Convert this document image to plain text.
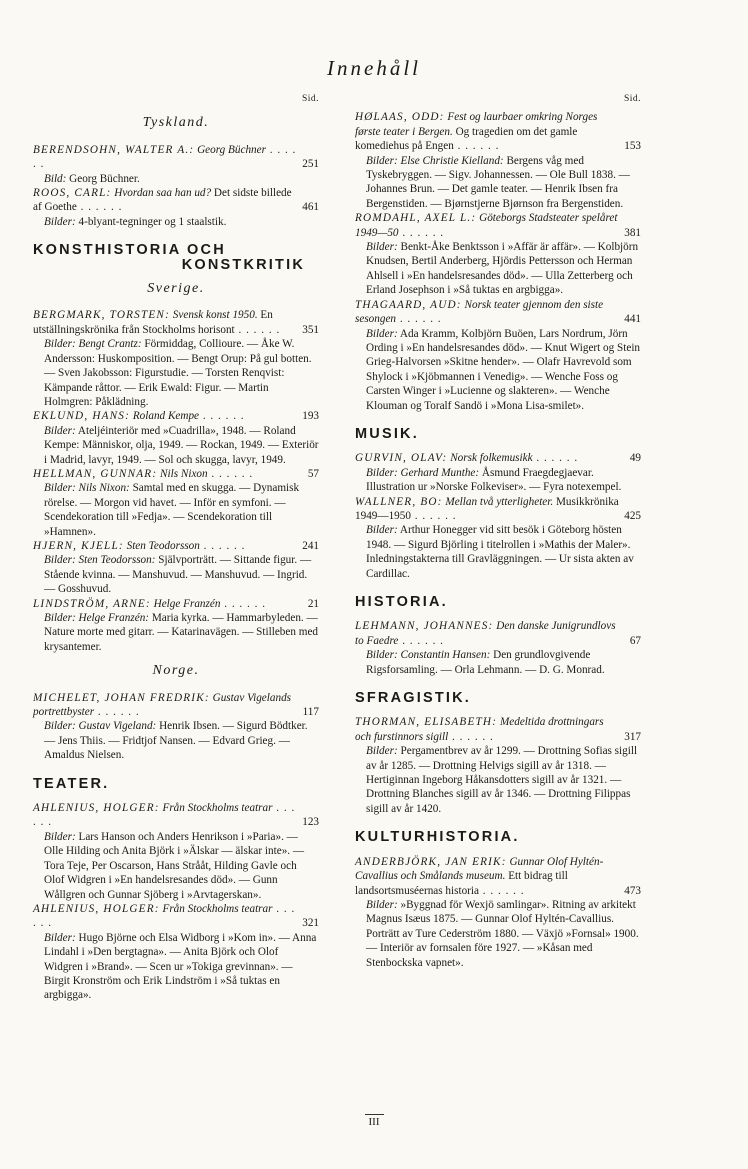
Innehåll
Sid.
Tyskland.
BERENDSOHN, WALTER A.: Georg Büchner . . . . . .	251
Bild: Georg Büchner.
ROOS, CARL: Hvordan saa han ud? Det sidste billede af Goethe . . . . . .	461
Bilder: 4-blyant-tegninger og 1 staalstik.
KONSTHISTORIA OCH
KONSTKRITIK
Sverige.
BERGMARK, TORSTEN: Svensk konst 1950. En utställningskrönika från Stockholms horisont . . . . . . 351
Bilder: Bengt Crantz: Förmiddag, Collioure. — Åke W. Andersson: Huskomposition. — Bengt Orup: På gul botten. — Sven Jakobsson: Figurstudie. — Torsten Renqvist: Kämpande råttor. — Erik Ewald: Figur. — Martin Holmgren: Påklädning.
EKLUND, HANS: Roland Kempe . . . . . .	193
Bilder: Ateljéinteriör med »Cuadrilla», 1948. — Roland Kempe: Människor, olja, 1949. — Rockan, 1949. — Exteriör i Madrid, lavyr, 1949. — Sol och skugga, lavyr, 1949.
HELLMAN, GUNNAR: Nils Nixon . . . . . .	57
Bilder: Nils Nixon: Samtal med en skugga. — Dynamisk rörelse. — Morgon vid havet. — Inför en symfoni. — Scendekoration till »Fedja». — Scendekoration till »Hamnen».
HJERN, KJELL: Sten Teodorsson . . . . . .	241
Bilder: Sten Teodorsson: Självporträtt. — Sittande figur. — Stående kvinna. — Manshuvud. — Manshuvud. — Ingrid. — Gosshuvud.
LINDSTRÖM, ARNE: Helge Franzén . . . . . .	21
Bilder: Helge Franzén: Maria kyrka. — Hammarbyleden. — Nature morte med gitarr. — Katarinavägen. — Stilleben med krysantemer.
Norge.
MICHELET, JOHAN FREDRIK: Gustav Vigelands portrettbyster . . . . . .	117
Bilder: Gustav Vigeland: Henrik Ibsen. — Sigurd Bödtker. — Jens Thiis. — Fridtjof Nansen. — Edvard Grieg. — Amaldus Nielsen.
TEATER.
AHLENIUS, HOLGER: Från Stockholms teatrar . . . . . .	123
Bilder: Lars Hanson och Anders Henrikson i »Paria». — Olle Hilding och Anita Björk i »Älskar — älskar inte». — Tora Teje, Per Oscarson, Hans Strååt, Hilding Gavle och Olof Widgren i »En handelsresandes död». — Gunn Wållgren och Gunnar Sjöberg i »Arvtagerskan».
AHLENIUS, HOLGER: Från Stockholms teatrar . . . . . .	321
Bilder: Hugo Björne och Elsa Widborg i »Kom in». — Anna Lindahl i »Den bergtagna». — Anita Björk och Olof Widgren i »Brand». — Scen ur »Tokiga grevinnan». — Birgit Kronström och Erik Lindström i »Så tuktas en argbigga».
Sid.
HØLAAS, ODD: Fest og laurbaer omkring Norges første teater i Bergen. Og tragedien om det gamle komediehus på Engen . . . . . .	153
Bilder: Else Christie Kielland: Bergens våg med Tyskebryggen. — Sigv. Johannessen. — Ole Bull 1838. — Johannes Brun. — Det gamle teater. — Henrik Ibsen fra Bergenstiden. — Bjørnstjerne Bjørnson fra Bergenstiden.
ROMDAHL, AXEL L.: Göteborgs Stadsteater spelåret 1949—50 . . . . . .	381
Bilder: Benkt-Åke Benktsson i »Affär är affär». — Kolbjörn Knudsen, Bertil Anderberg, Hjördis Pettersson och Herman Ahlsell i »En handelsresandes död». — Ulla Zetterberg och Erland Josephson i »Så tuktas en argbigga».
THAGAARD, AUD: Norsk teater gjennom den siste sesongen . . . . . .	441
Bilder: Ada Kramm, Kolbjörn Buöen, Lars Nordrum, Jörn Ording i »En handelsresandes död». — Knut Wigert og Stein Grieg-Halvorsen »Skitne hender». — Olafr Havrevold som Shylock i »Kjöbmannen i Venedig». — Wenche Foss og Carsten Winger i »Lucienne og slakteren». — Wenche Klouman og Toralf Sandö i »Mona Lisa-smilet».
MUSIK.
GURVIN, OLAV: Norsk folkemusikk . . . . . .	49
Bilder: Gerhard Munthe: Åsmund Fraegdegjaevar. Illustration ur »Norske Folkeviser». — Fyra notexempel.
WALLNER, BO: Mellan två ytterligheter. Musikkrönika 1949—1950 . . . . . .	425
Bilder: Arthur Honegger vid sitt besök i Göteborg hösten 1948. — Sigurd Björling i titelrollen i »Mathis der Maler». Inledningstakterna till Gravläggningen. — Ur sista akten av Cardillac.
HISTORIA.
LEHMANN, JOHANNES: Den danske Junigrundlovs to Faedre . . . . . .	67
Bilder: Constantin Hansen: Den grundlovgivende Rigsforsamling. — Orla Lehmann. — D. G. Monrad.
SFRAGISTIK.
THORMAN, ELISABETH: Medeltida drottningars och furstinnors sigill . . . . . .	317
Bilder: Pergamentbrev av år 1299. — Drottning Sofias sigill av år 1285. — Drottning Helvigs sigill av år 1318. — Hertiginnan Ingeborg Håkansdotters sigill av år 1321. — Drottning Blanches sigill av år 1346. — Drottning Filippas sigill av år 1420.
KULTURHISTORIA.
ANDERBJÖRK, JAN ERIK: Gunnar Olof Hyltén-Cavallius och Smålands museum. Ett bidrag till landsortsmuséernas historia . . . . . .	473
Bilder: »Byggnad för Wexjö samlingar». Ritning av arkitekt Magnus Isæus 1875. — Gunnar Olof Hyltén-Cavallius. Porträtt av Ture Cederström 1880. — Växjö »Fornsal» 1900. — Interiör av fornsalen före 1927. — »Kåsan med Stenbockska vapnet».
III
